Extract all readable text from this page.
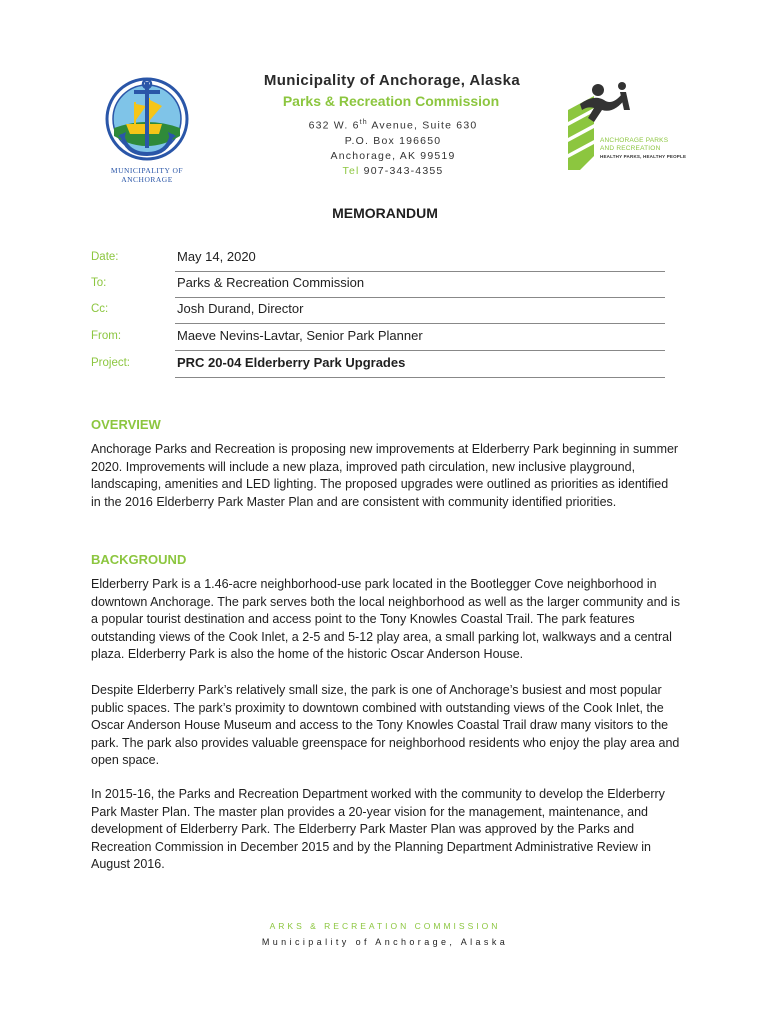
MUNICIPALITY OF
ANCHORAGE
Municipality of Anchorage, Alaska
Parks & Recreation Commission
632 W. 6th Avenue, Suite 630
P.O. Box 196650
Anchorage, AK 99519
Tel 907-343-4355
ANCHORAGE PARKS
AND RECREATION
HEALTHY PARKS, HEALTHY PEOPLE
MEMORANDUM
Date:	May 14, 2020
To:	Parks & Recreation Commission
Cc:	Josh Durand, Director
From:	Maeve Nevins-Lavtar, Senior Park Planner
Project:	PRC 20-04 Elderberry Park Upgrades
OVERVIEW

Anchorage Parks and Recreation is proposing new improvements at Elderberry Park beginning in summer 2020. Improvements will include a new plaza, improved path circulation, new inclusive playground, landscaping, amenities and LED lighting. The proposed upgrades were outlined as priorities as identified in the 2016 Elderberry Park Master Plan and are consistent with community identified priorities.

BACKGROUND

Elderberry Park is a 1.46-acre neighborhood-use park located in the Bootlegger Cove neighborhood in downtown Anchorage. The park serves both the local neighborhood as well as the larger community and is a popular tourist destination and access point to the Tony Knowles Coastal Trail. The park features outstanding views of the Cook Inlet, a 2-5 and 5-12 play area, a small parking lot, walkways and a central plaza. Elderberry Park is also the home of the historic Oscar Anderson House.

Despite Elderberry Park’s relatively small size, the park is one of Anchorage’s busiest and most popular public spaces. The park’s proximity to downtown combined with outstanding views of the Cook Inlet, the Oscar Anderson House Museum and access to the Tony Knowles Coastal Trail draw many visitors to the park. The park also provides valuable greenspace for neighborhood residents who enjoy the play area and open space.

In 2015-16, the Parks and Recreation Department worked with the community to develop the Elderberry Park Master Plan. The master plan provides a 20-year vision for the management, maintenance, and development of Elderberry Park. The Elderberry Park Master Plan was approved by the Parks and Recreation Commission in December 2015 and by the Planning Department Administrative Review in August 2016.

ARKS & RECREATION COMMISSION
Municipality of Anchorage, Alaska
